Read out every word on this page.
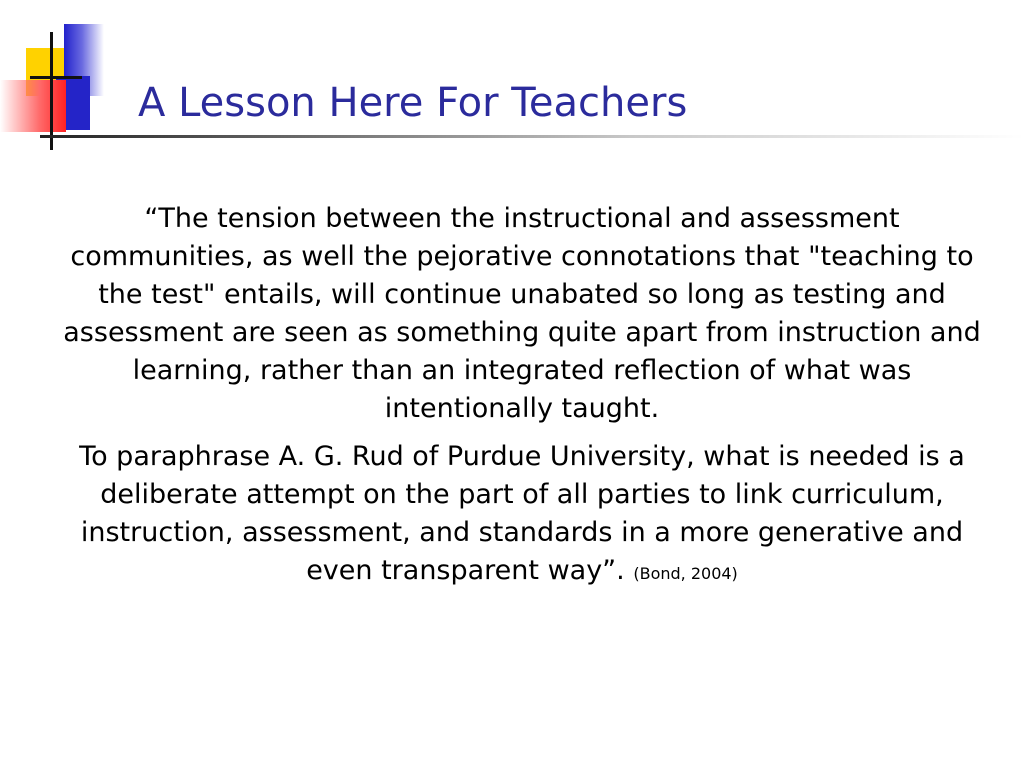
A Lesson Here For Teachers

“The tension between the instructional and assessment communities, as well the pejorative connotations that "teaching to the test" entails, will continue unabated so long as testing and assessment are seen as something quite apart from instruction and learning, rather than an integrated reflection of what was intentionally taught.

To paraphrase A. G. Rud of Purdue University, what is needed is a deliberate attempt on the part of all parties to link curriculum, instruction, assessment, and standards in a more generative and even transparent way”. (Bond, 2004)
